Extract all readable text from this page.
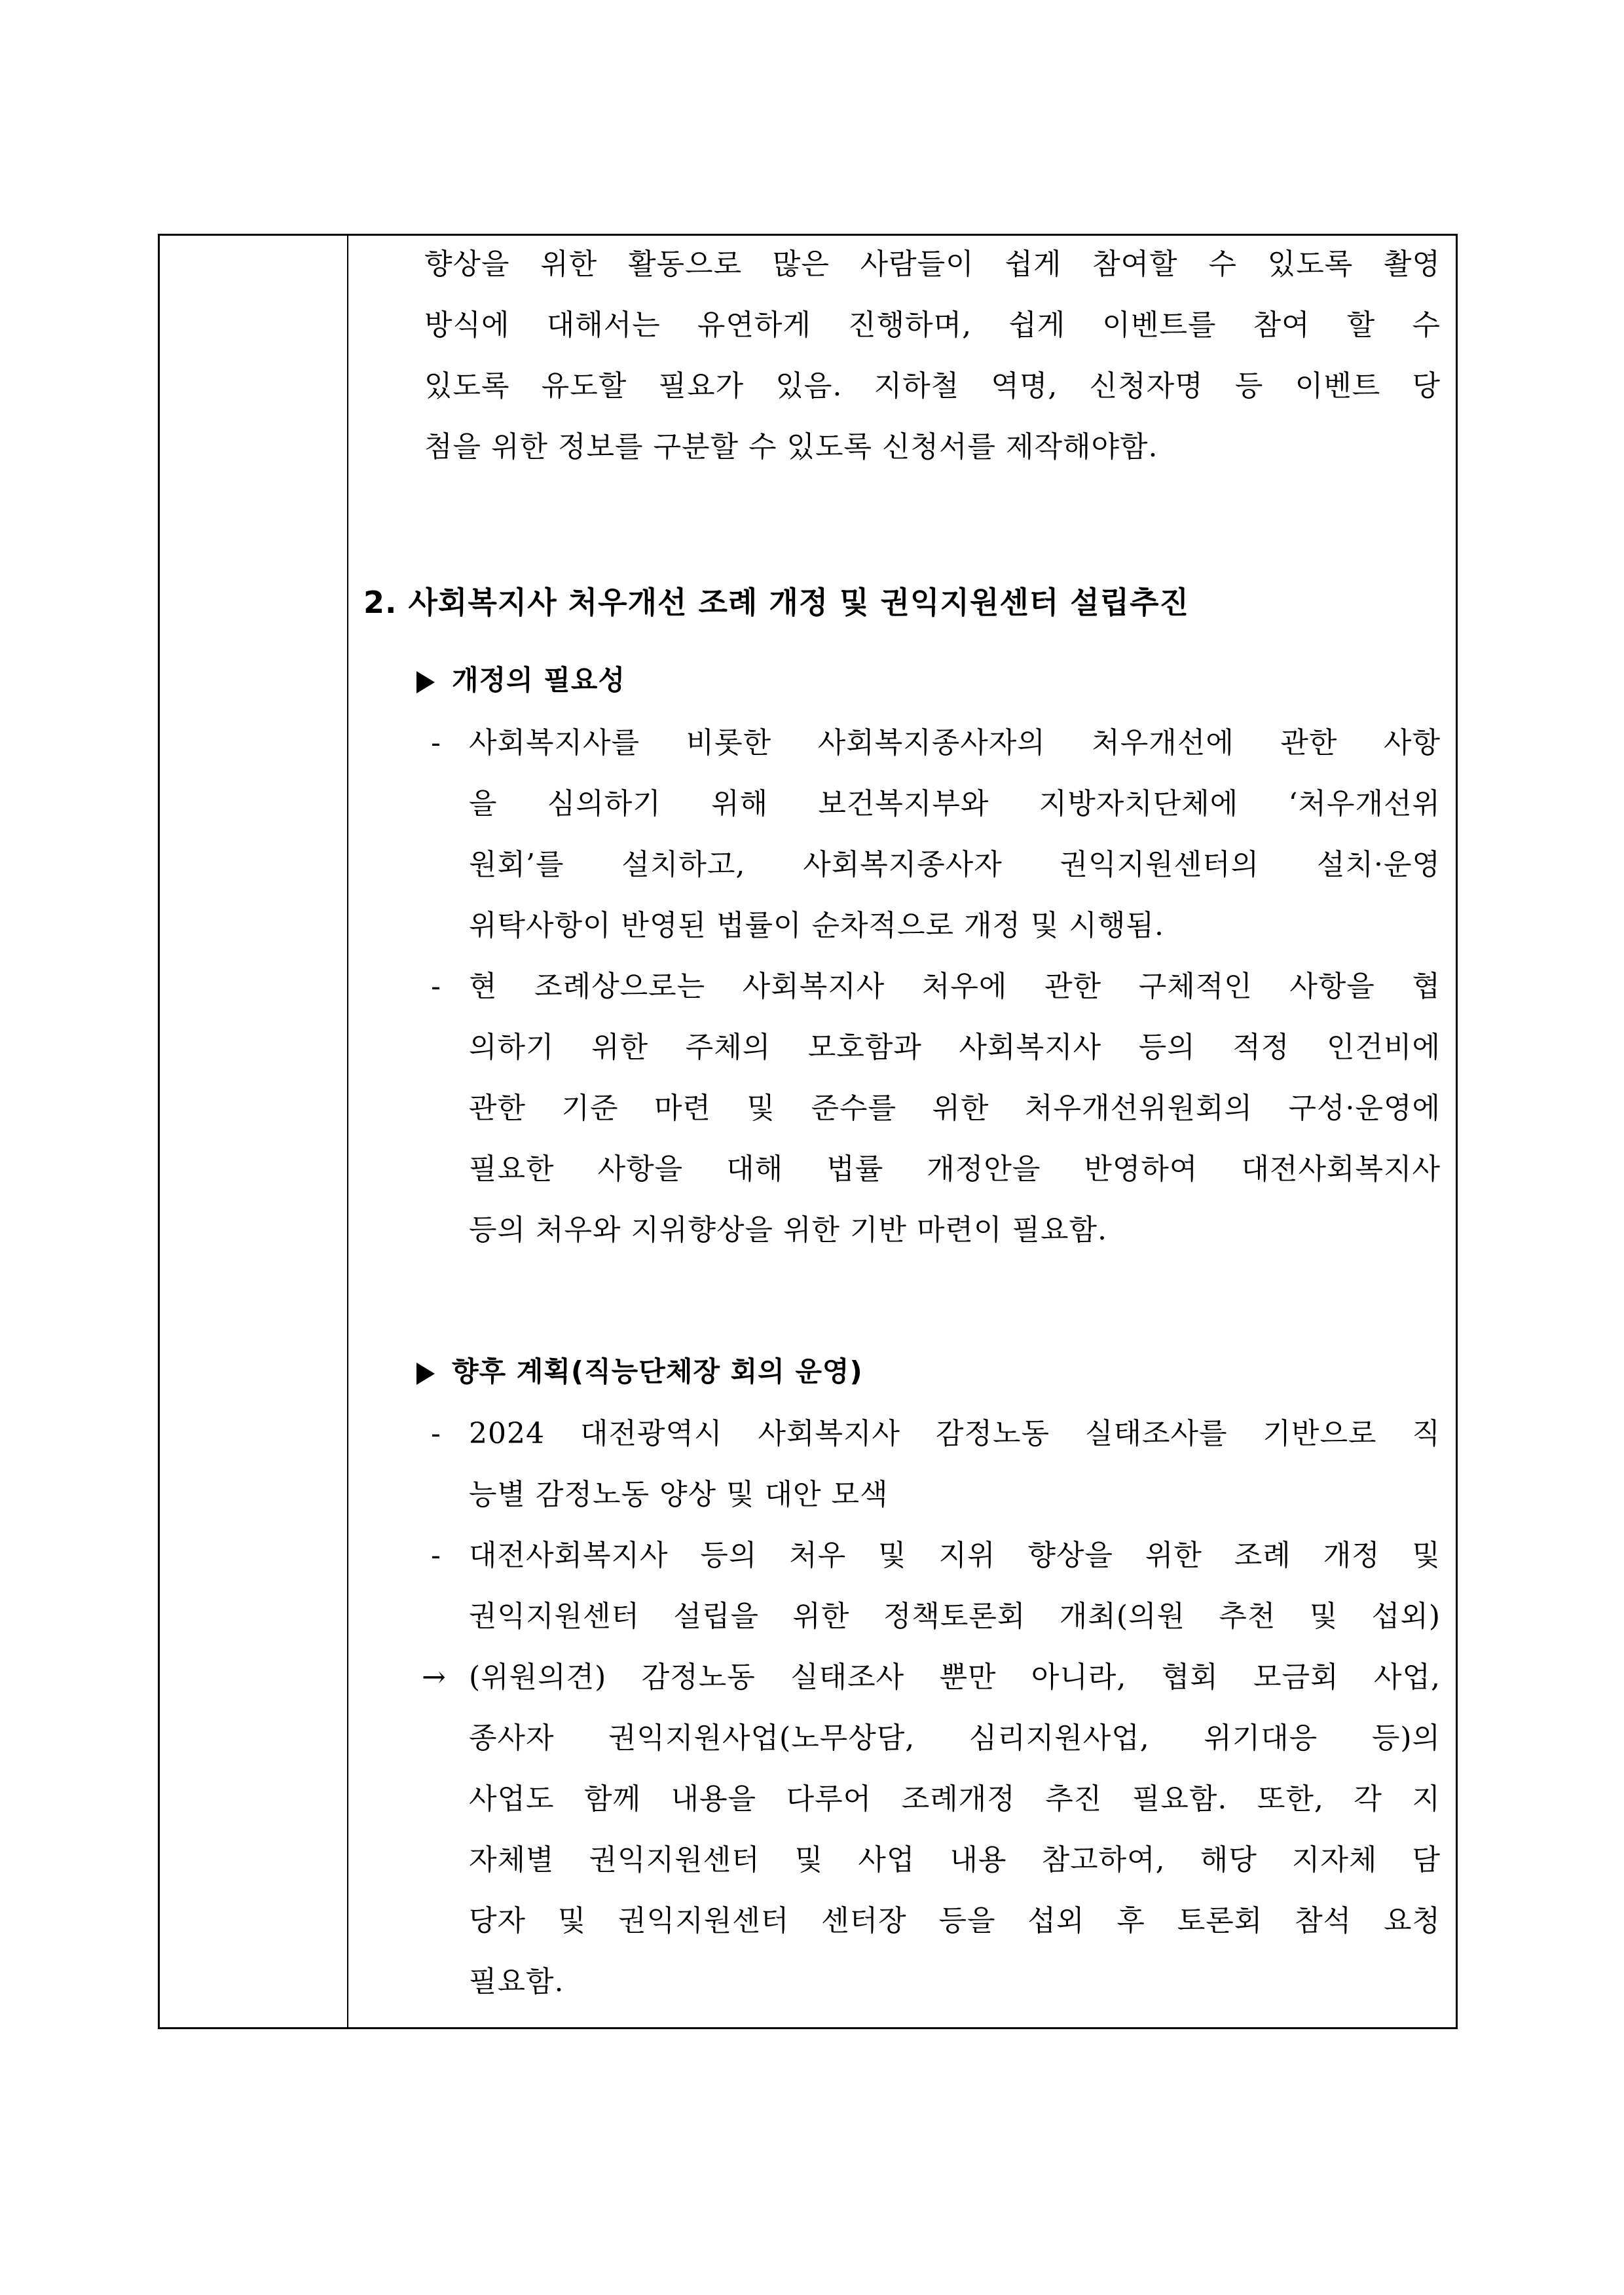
향상을 위한 활동으로 많은 사람들이 쉽게 참여할 수 있도록 촬영
방식에 대해서는 유연하게 진행하며, 쉽게 이벤트를 참여 할 수
있도록 유도할 필요가 있음. 지하철 역명, 신청자명 등 이벤트 당
첨을 위한 정보를 구분할 수 있도록 신청서를 제작해야함.
2. 사회복지사 처우개선 조례 개정 및 권익지원센터 설립추진
개정의 필요성
- 사회복지사를 비롯한 사회복지종사자의 처우개선에 관한 사항
을 심의하기 위해 보건복지부와 지방자치단체에 ‘처우개선위
원회’를 설치하고, 사회복지종사자 권익지원센터의 설치·운영
위탁사항이 반영된 법률이 순차적으로 개정 및 시행됨.
- 현 조례상으로는 사회복지사 처우에 관한 구체적인 사항을 협
의하기 위한 주체의 모호함과 사회복지사 등의 적정 인건비에
관한 기준 마련 및 준수를 위한 처우개선위원회의 구성·운영에
필요한 사항을 대해 법률 개정안을 반영하여 대전사회복지사
등의 처우와 지위향상을 위한 기반 마련이 필요함.
향후 계획(직능단체장 회의 운영)
- 2024 대전광역시 사회복지사 감정노동 실태조사를 기반으로 직
능별 감정노동 양상 및 대안 모색
- 대전사회복지사 등의 처우 및 지위 향상을 위한 조례 개정 및
권익지원센터 설립을 위한 정책토론회 개최(의원 추천 및 섭외)
→ (위원의견) 감정노동 실태조사 뿐만 아니라, 협회 모금회 사업,
종사자 권익지원사업(노무상담, 심리지원사업, 위기대응 등)의
사업도 함께 내용을 다루어 조례개정 추진 필요함. 또한, 각 지
자체별 권익지원센터 및 사업 내용 참고하여, 해당 지자체 담
당자 및 권익지원센터 센터장 등을 섭외 후 토론회 참석 요청
필요함.
